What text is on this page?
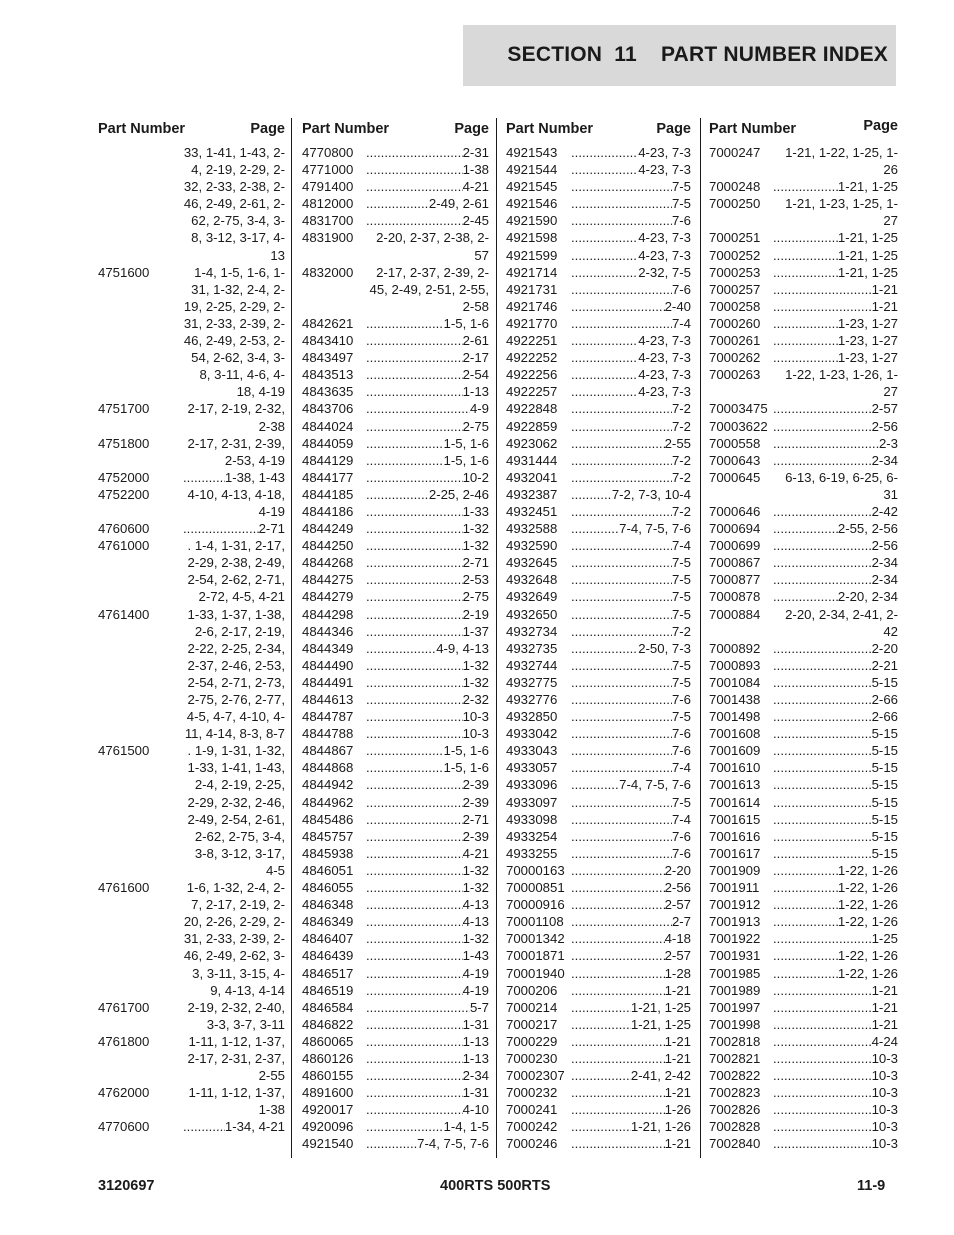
SECTION  11    PART NUMBER INDEX
Part Number	Page
33, 1-41, 1-43, 2-4, 2-19, 2-29, 2-32, 2-33, 2-38, 2-46, 2-49, 2-61, 2-62, 2-75, 3-4, 3-8, 3-12, 3-17, 4-13
4751600	1-4, 1-5, 1-6, 1-31, 1-32, 2-4, 2-19, 2-25, 2-29, 2-31, 2-33, 2-39, 2-46, 2-49, 2-53, 2-54, 2-62, 3-4, 3-8, 3-11, 4-6, 4-18, 4-19
4751700	2-17, 2-19, 2-32, 2-38
4751800	2-17, 2-31, 2-39, 2-53, 4-19
4752000 .....	1-38, 1-43
4752200	4-10, 4-13, 4-18, 4-19
4760600 .....	2-71
4761000	. 1-4, 1-31, 2-17, 2-29, 2-38, 2-49, 2-54, 2-62, 2-71, 2-72, 4-5, 4-21
4761400	1-33, 1-37, 1-38, 2-6, 2-17, 2-19, 2-22, 2-25, 2-34, 2-37, 2-46, 2-53, 2-54, 2-71, 2-73, 2-75, 2-76, 2-77, 4-5, 4-7, 4-10, 4-11, 4-14, 8-3, 8-7
4761500	. 1-9, 1-31, 1-32, 1-33, 1-41, 1-43, 2-4, 2-19, 2-25, 2-29, 2-32, 2-46, 2-49, 2-54, 2-61, 2-62, 2-75, 3-4, 3-8, 3-12, 3-17, 4-5
4761600	1-6, 1-32, 2-4, 2-7, 2-17, 2-19, 2-20, 2-26, 2-29, 2-31, 2-33, 2-39, 2-46, 2-49, 2-62, 3-3, 3-11, 3-15, 4-9, 4-13, 4-14
4761700	2-19, 2-32, 2-40, 3-3, 3-7, 3-11
4761800	1-11, 1-12, 1-37, 2-17, 2-31, 2-37, 2-55
4762000	1-11, 1-12, 1-37, 1-38
4770600 .....	1-34, 4-21
Part Number	Page
4770800 .....	2-31
4771000 .....	1-38
4791400 .....	4-21
4812000 .....	2-49, 2-61
4831700 .....	2-45
4831900	2-20, 2-37, 2-38, 2-57
4832000	2-17, 2-37, 2-39, 2-45, 2-49, 2-51, 2-55, 2-58
4842621 .....	1-5, 1-6
4843410 .....	2-61
4843497 .....	2-17
4843513 .....	2-54
4843635 .....	1-13
4843706 .....	4-9
4844024 .....	2-75
4844059 .....	1-5, 1-6
4844129 .....	1-5, 1-6
4844177 .....	10-2
4844185 .....	2-25, 2-46
4844186 .....	1-33
4844249 .....	1-32
4844250 .....	1-32
4844268 .....	2-71
4844275 .....	2-53
4844279 .....	2-75
4844298 .....	2-19
4844346 .....	1-37
4844349 .....	4-9, 4-13
4844490 .....	1-32
4844491 .....	1-32
4844613 .....	2-32
4844787 .....	10-3
4844788 .....	10-3
4844867 .....	1-5, 1-6
4844868 .....	1-5, 1-6
4844942 .....	2-39
4844962 .....	2-39
4845486 .....	2-71
4845757 .....	2-39
4845938 .....	4-21
4846051 .....	1-32
4846055 .....	1-32
4846348 .....	4-13
4846349 .....	4-13
4846407 .....	1-32
4846439 .....	1-43
4846517 .....	4-19
4846519 .....	4-19
4846584 .....	5-7
4846822 .....	1-31
4860065 .....	1-13
4860126 .....	1-13
4860155 .....	2-34
4891600 .....	1-31
4920017 .....	4-10
4920096 .....	1-4, 1-5
4921540 .....	7-4, 7-5, 7-6
Part Number	Page
4921543 .....	4-23, 7-3
4921544 .....	4-23, 7-3
4921545 .....	7-5
4921546 .....	7-5
4921590 .....	7-6
4921598 .....	4-23, 7-3
4921599 .....	4-23, 7-3
4921714 .....	2-32, 7-5
4921731 .....	7-6
4921746 .....	2-40
4921770 .....	7-4
4922251 .....	4-23, 7-3
4922252 .....	4-23, 7-3
4922256 .....	4-23, 7-3
4922257 .....	4-23, 7-3
4922848 .....	7-2
4922859 .....	7-2
4923062 .....	2-55
4931444 .....	7-2
4932041 .....	7-2
4932387 .....	7-2, 7-3, 10-4
4932451 .....	7-2
4932588 .....	7-4, 7-5, 7-6
4932590 .....	7-4
4932645 .....	7-5
4932648 .....	7-5
4932649 .....	7-5
4932650 .....	7-5
4932734 .....	7-2
4932735 .....	2-50, 7-3
4932744 .....	7-5
4932775 .....	7-5
4932776 .....	7-6
4932850 .....	7-5
4933042 .....	7-6
4933043 .....	7-6
4933057 .....	7-4
4933096 .....	7-4, 7-5, 7-6
4933097 .....	7-5
4933098 .....	7-4
4933254 .....	7-6
4933255 .....	7-6
70000163 .....	2-20
70000851 .....	2-56
70000916 .....	2-57
70001108 .....	2-7
70001342 .....	4-18
70001871 .....	2-57
70001940 .....	1-28
7000206 .....	1-21
7000214 .....	1-21, 1-25
7000217 .....	1-21, 1-25
7000229 .....	1-21
7000230 .....	1-21
70002307 .....	2-41, 2-42
7000232 .....	1-21
7000241 .....	1-26
7000242 .....	1-21, 1-26
7000246 .....	1-21
Part Number	Page
7000247	1-21, 1-22, 1-25, 1-26
7000248 .....	1-21, 1-25
7000250	1-21, 1-23, 1-25, 1-27
7000251 .....	1-21, 1-25
7000252 .....	1-21, 1-25
7000253 .....	1-21, 1-25
7000257 .....	1-21
7000258 .....	1-21
7000260 .....	1-23, 1-27
7000261 .....	1-23, 1-27
7000262 .....	1-23, 1-27
7000263	1-22, 1-23, 1-26, 1-27
70003475 .....	2-57
70003622 .....	2-56
7000558 .....	2-3
7000643 .....	2-34
7000645	6-13, 6-19, 6-25, 6-31
7000646 .....	2-42
7000694 .....	2-55, 2-56
7000699 .....	2-56
7000867 .....	2-34
7000877 .....	2-34
7000878 .....	2-20, 2-34
7000884	2-20, 2-34, 2-41, 2-42
7000892 .....	2-20
7000893 .....	2-21
7001084 .....	5-15
7001438 .....	2-66
7001498 .....	2-66
7001608 .....	5-15
7001609 .....	5-15
7001610 .....	5-15
7001613 .....	5-15
7001614 .....	5-15
7001615 .....	5-15
7001616 .....	5-15
7001617 .....	5-15
7001909 .....	1-22, 1-26
7001911 .....	1-22, 1-26
7001912 .....	1-22, 1-26
7001913 .....	1-22, 1-26
7001922 .....	1-25
7001931 .....	1-22, 1-26
7001985 .....	1-22, 1-26
7001989 .....	1-21
7001997 .....	1-21
7001998 .....	1-21
7002818 .....	4-24
7002821 .....	10-3
7002822 .....	10-3
7002823 .....	10-3
7002826 .....	10-3
7002828 .....	10-3
7002840 .....	10-3
3120697	400RTS 500RTS	11-9
